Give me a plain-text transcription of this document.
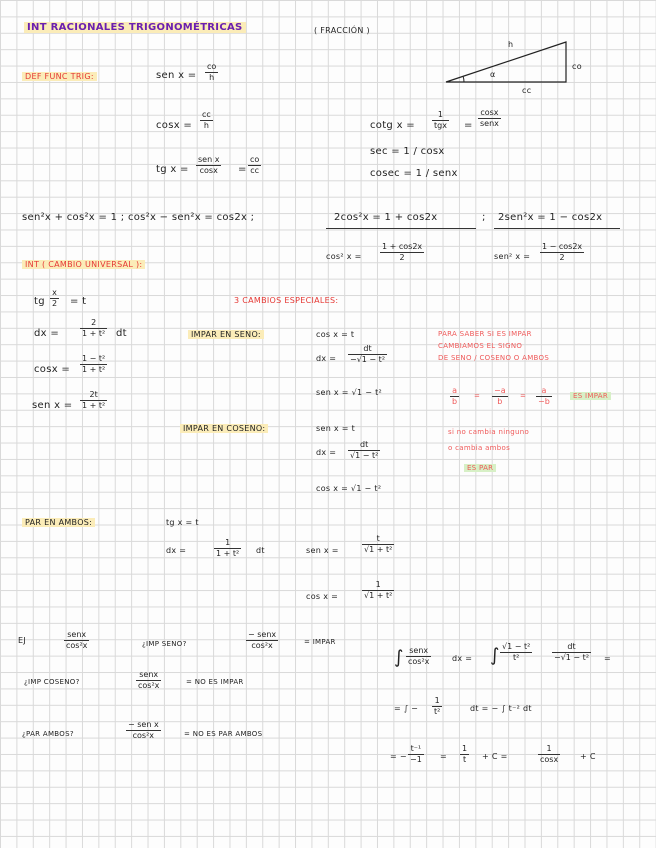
INT RACIONALES TRIGONOMÉTRICAS	( FRACCIÓN )
h
co
cc
α
DEF FUNC TRIG:	sen $x = \frac{co}{h}$
$\cos x = \frac{cc}{h}$
tg x =
sen x
cosx	= $\frac{co}{cc}$
cotg x =
1
tgx =
cosx
senx
sec = 1 / cosx
cosec = 1 / senx
sen²x + cos²x = 1 ; cos²x − sen²x = cos2x ;	2cos²x = 1 + cos2x	; 2sen²x = 1 − cos2x
cos² $x = \frac{1 + \cos 2x}{2}$	sen² $x = \frac{1 - \cos 2x}{2}$
INT ( CAMBIO UNIVERSAL ):
tg $\frac{x}{2} = t$
dx =	$\frac{2}{\text{1 + t²}}$ dt
$\cos x = \frac{\text{1 − t²}}{\text{1 + t²}}$
sen $x = \frac{2t}{\text{1 + t²}}$
3 CAMBIOS ESPECIALES:
IMPAR EN SENO:	cos x = t
dx = $\frac{dt}{\text{−√1 − t²}}$
sen x = √1 − t²
IMPAR EN COSENO:	sen x = t
dx = $\frac{dt}{\text{√1 − t²}}$
cos x = √1 − t²
PAR EN AMBOS:	tg x = t
dx =	$\frac{1}{\text{1 + t²}}$ dt	sen x =	$\frac{t}{\text{√1 + t²}}$
cos x =	$\frac{1}{\text{√1 + t²}}$
PARA SABER SI ES IMPAR
CAMBIAMOS EL SIGNO
DE SENO / COSENO O AMBOS
$\frac{a}{b} = \frac{-a}{b} = \frac{a}{-b}$	ES IMPAR
si no cambia ninguno
o cambia ambos
ES PAR
EJ
senx
cos²x	¿IMP SENO?
− senx
cos²x	= IMPAR
¿IMP COSENO?
senx
cos²x	= NO ES IMPAR
¿PAR AMBOS?
− sen x
cos²x	= NO ES PAR AMBOS
∫ senx
cos²x	dx = ∫ $\frac{\text{√1 − t²}}{\text{t²}} \frac{dt}{\text{−√1 − t²}}$ =
= ∫ − $\frac{1}{\text{t²}}$	dt = − ∫ t⁻² dt
= − $\frac{\text{t⁻¹}}{-1} = \frac{1}{t} + C$ =	$\frac{1}{\cos x} + C$
